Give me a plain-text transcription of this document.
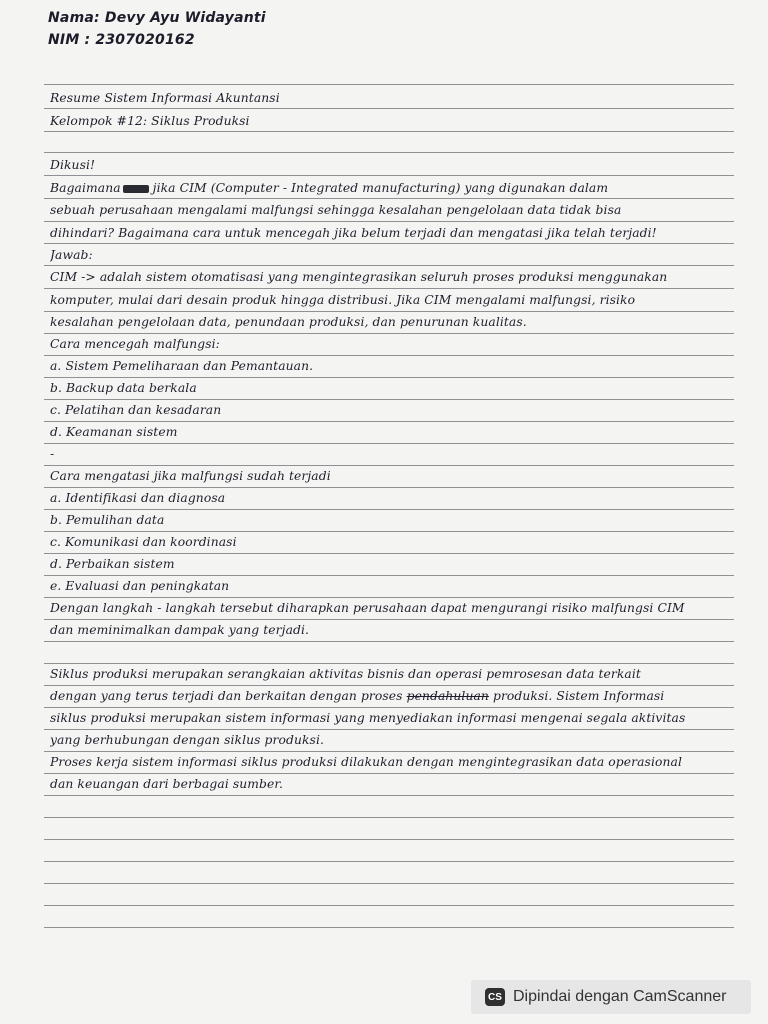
Nama: Devy Ayu Widayanti
NIM : 2307020162
Resume Sistem Informasi Akuntansi
Kelompok #12: Siklus Produksi
Dikusi!
Bagaimana	jika CIM (Computer - Integrated manufacturing) yang digunakan dalam
sebuah perusahaan mengalami malfungsi sehingga kesalahan pengelolaan data tidak bisa
dihindari? Bagaimana cara untuk mencegah jika belum terjadi dan mengatasi jika telah terjadi!
Jawab:
CIM -> adalah sistem otomatisasi yang mengintegrasikan seluruh proses produksi menggunakan
komputer, mulai dari desain produk hingga distribusi. Jika CIM mengalami malfungsi, risiko
kesalahan pengelolaan data, penundaan produksi, dan penurunan kualitas.
Cara mencegah malfungsi:
a. Sistem Pemeliharaan dan Pemantauan.
b. Backup data berkala
c. Pelatihan dan kesadaran
d. Keamanan sistem
-
Cara mengatasi jika malfungsi sudah terjadi
a. Identifikasi dan diagnosa
b. Pemulihan data
c. Komunikasi dan koordinasi
d. Perbaikan sistem
e. Evaluasi dan peningkatan
Dengan langkah - langkah tersebut diharapkan perusahaan dapat mengurangi risiko malfungsi CIM
dan meminimalkan dampak yang terjadi.
Siklus produksi merupakan serangkaian aktivitas bisnis dan operasi pemrosesan data terkait
dengan yang terus terjadi dan berkaitan dengan proses pendahuluan produksi. Sistem Informasi
siklus produksi merupakan sistem informasi yang menyediakan informasi mengenai segala aktivitas
yang berhubungan dengan siklus produksi.
Proses kerja sistem informasi siklus produksi dilakukan dengan mengintegrasikan data operasional
dan keuangan dari berbagai sumber.
CS Dipindai dengan CamScanner
